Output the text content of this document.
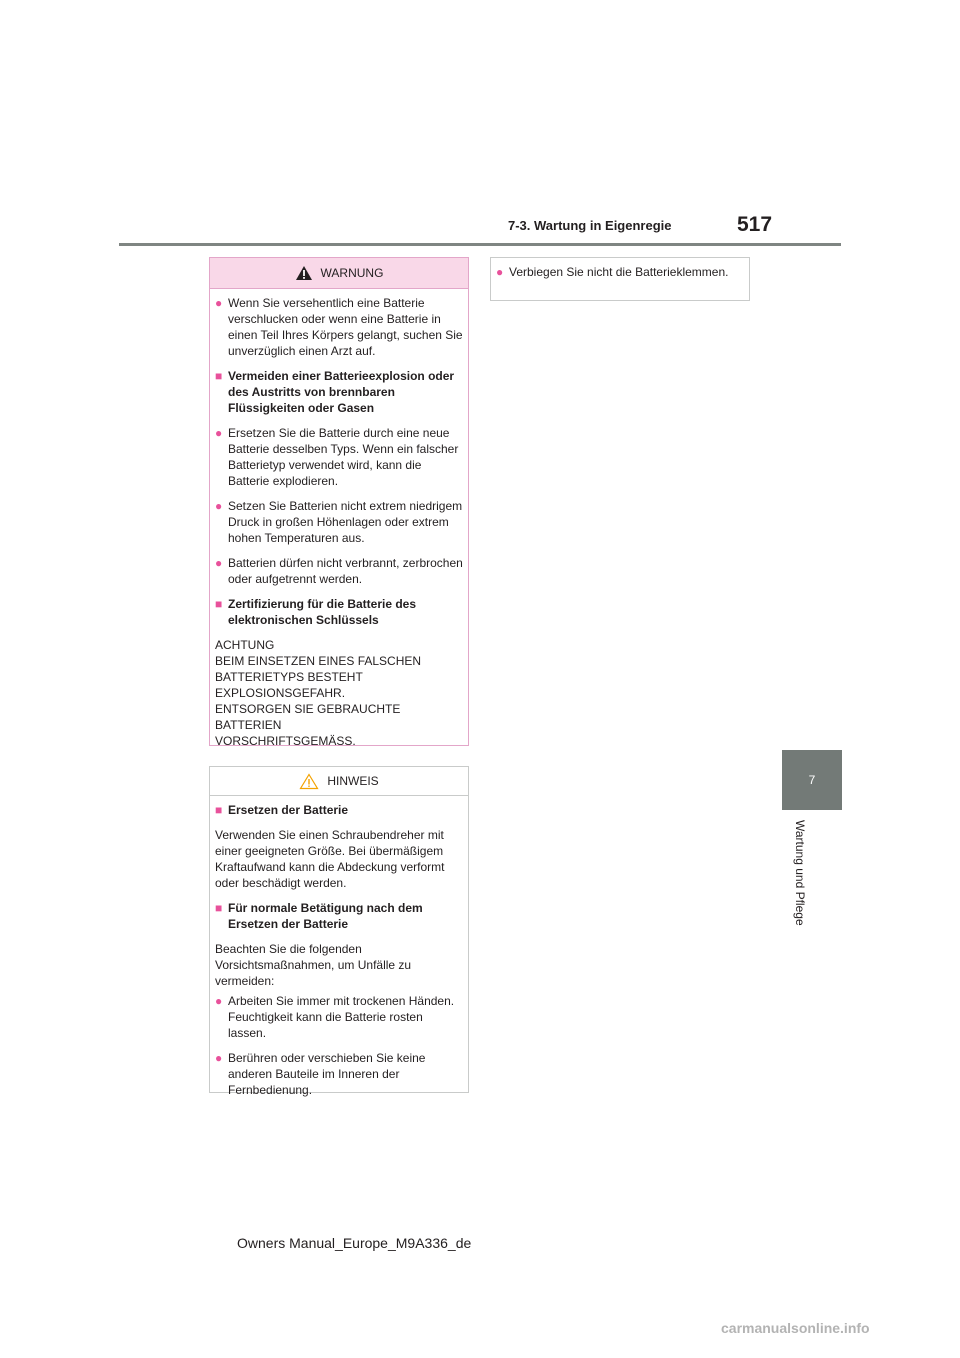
7-3. Wartung in Eigenregie	517
7
Wartung und Pflege
WARNUNG
● Wenn Sie versehentlich eine Batterie verschlucken oder wenn eine Batterie in einen Teil Ihres Körpers gelangt, suchen Sie unverzüglich einen Arzt auf.
■ Vermeiden einer Batterieexplosion oder des Austritts von brennbaren Flüssigkeiten oder Gasen
● Ersetzen Sie die Batterie durch eine neue Batterie desselben Typs. Wenn ein falscher Batterietyp verwendet wird, kann die Batterie explodieren.
● Setzen Sie Batterien nicht extrem niedrigem Druck in großen Höhenlagen oder extrem hohen Temperaturen aus.
● Batterien dürfen nicht verbrannt, zerbrochen oder aufgetrennt werden.
■ Zertifizierung für die Batterie des elektronischen Schlüssels
ACHTUNG
BEIM EINSETZEN EINES FALSCHEN BATTERIETYPS BESTEHT EXPLOSIONSGEFAHR.
ENTSORGEN SIE GEBRAUCHTE BATTERIEN
VORSCHRIFTSGEMÄSS.
HINWEIS
■ Ersetzen der Batterie
Verwenden Sie einen Schraubendreher mit einer geeigneten Größe. Bei übermäßigem Kraftaufwand kann die Abdeckung verformt oder beschädigt werden.
■ Für normale Betätigung nach dem Ersetzen der Batterie
Beachten Sie die folgenden Vorsichtsmaßnahmen, um Unfälle zu vermeiden:
● Arbeiten Sie immer mit trockenen Händen.
Feuchtigkeit kann die Batterie rosten lassen.
● Berühren oder verschieben Sie keine anderen Bauteile im Inneren der Fernbedienung.
● Verbiegen Sie nicht die Batterieklemmen.
Owners Manual_Europe_M9A336_de
carmanualsonline.info
